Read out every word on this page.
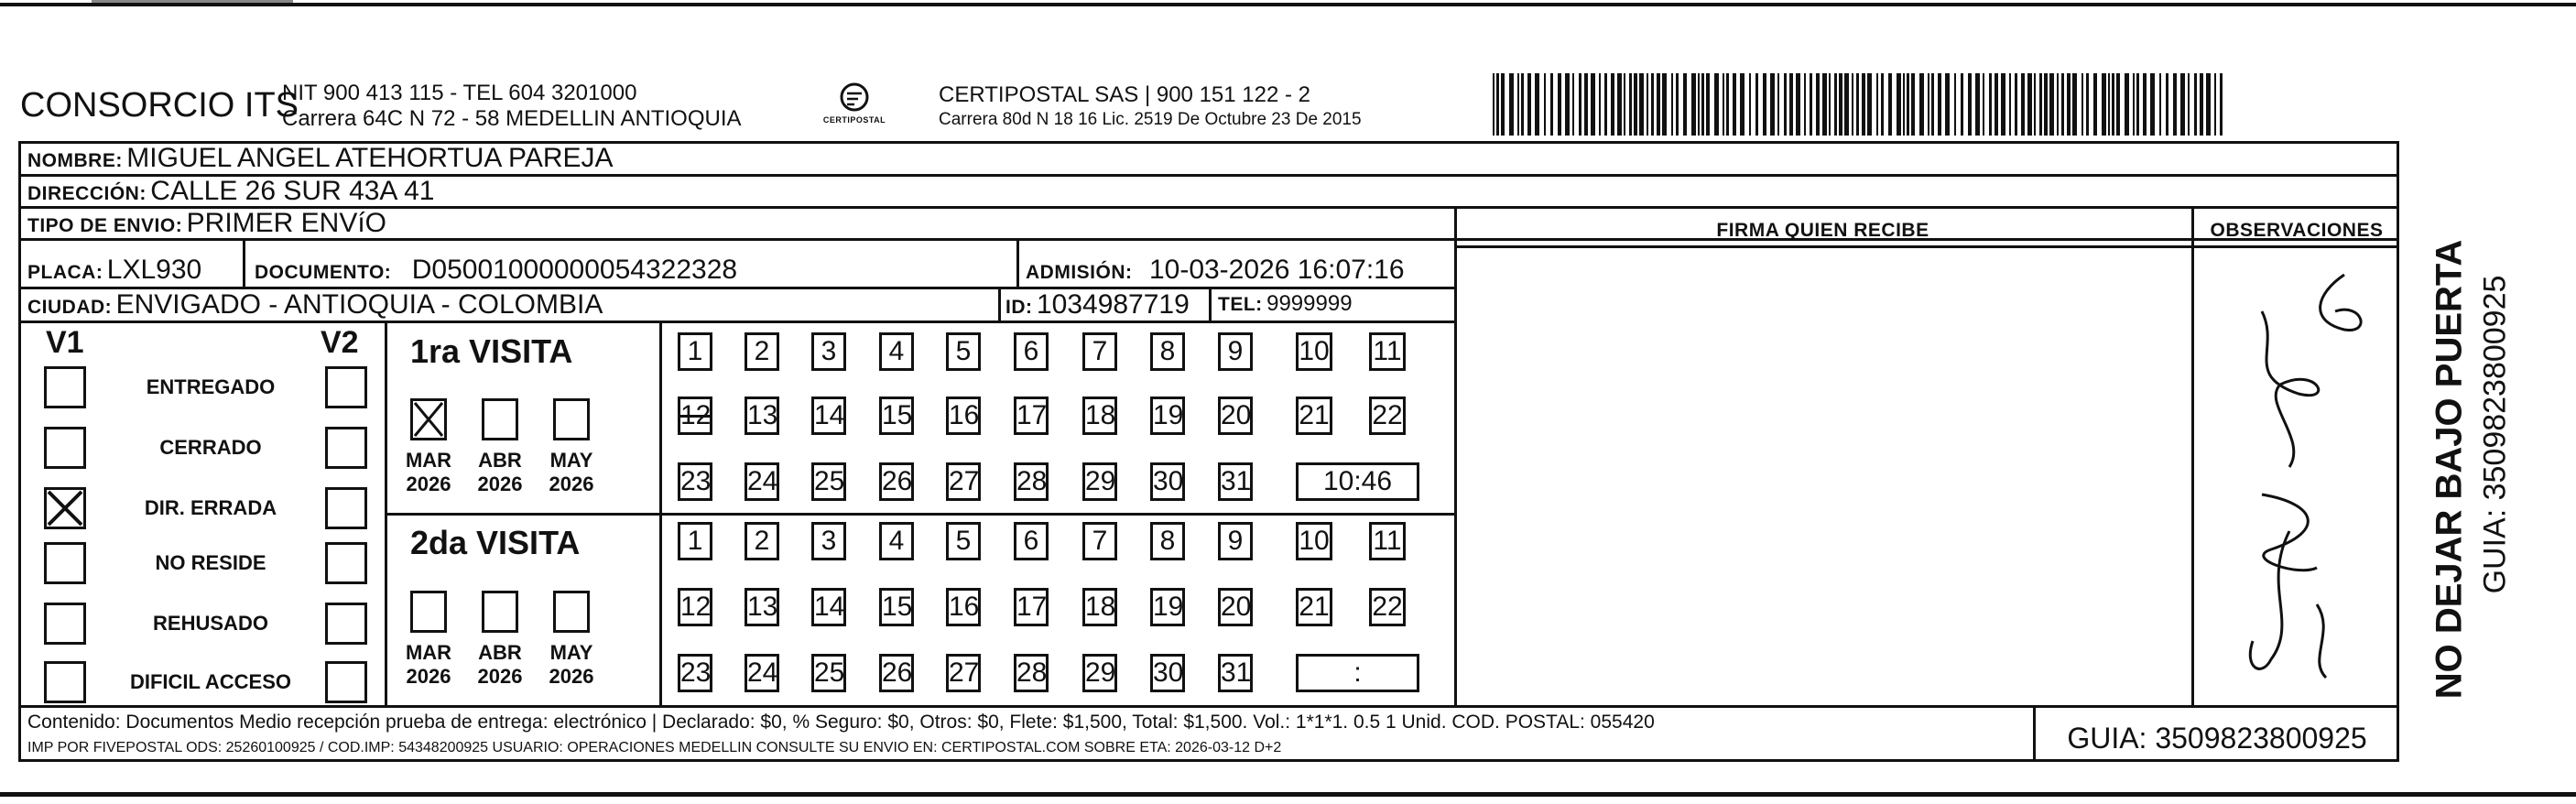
CONSORCIO ITS
NIT 900 413 115 - TEL 604 3201000
Carrera 64C N 72 - 58 MEDELLIN ANTIOQUIA	CERTIPOSTAL
CERTIPOSTAL SAS | 900 151 122 - 2
Carrera 80d N 18 16 Lic. 2519 De Octubre 23 De 2015
NOMBRE: MIGUEL ANGEL ATEHORTUA PAREJA
DIRECCIÓN: CALLE 26 SUR 43A 41
TIPO DE ENVIO: PRIMER ENVíO
PLACA: LXL930	DOCUMENTO: D05001000000054322328	ADMISIÓN: 10-03-2026 16:07:16
CIUDAD: ENVIGADO - ANTIOQUIA - COLOMBIA	ID: 1034987719 TEL: 9999999
FIRMA QUIEN RECIBE	OBSERVACIONES
V1	V2 1ra VISITA
2da VISITA
Contenido: Documentos Medio recepción prueba de entrega: electrónico | Declarado: $0, % Seguro: $0, Otros: $0, Flete: $1,500, Total: $1,500. Vol.: 1*1*1. 0.5 1 Unid. COD. POSTAL: 055420
IMP POR FIVEPOSTAL ODS: 25260100925 / COD.IMP: 54348200925 USUARIO: OPERACIONES MEDELLIN CONSULTE SU ENVIO EN: CERTIPOSTAL.COM SOBRE ETA: 2026-03-12 D+2	GUIA: 3509823800925
NO DEJAR BAJO PUERTA GUIA: 3509823800925
ENTREGADO
CERRADO
DIR. ERRADA
NO RESIDE
REHUSADO
DIFICIL ACCESO
MAR
2026
ABR
2026
MAY
2026
1	2	3	4	5	6	7	8	9	10 11
12 13 14 15 16 17 18 19 20 21 22
23 24 25 26 27 28 29 30 31	10:46
MAR
2026
ABR
2026
MAY
2026
1	2	3	4	5	6	7	8	9	10 11
12 13 14 15 16 17 18 19 20 21 22
23 24 25 26 27 28 29 30 31	:
